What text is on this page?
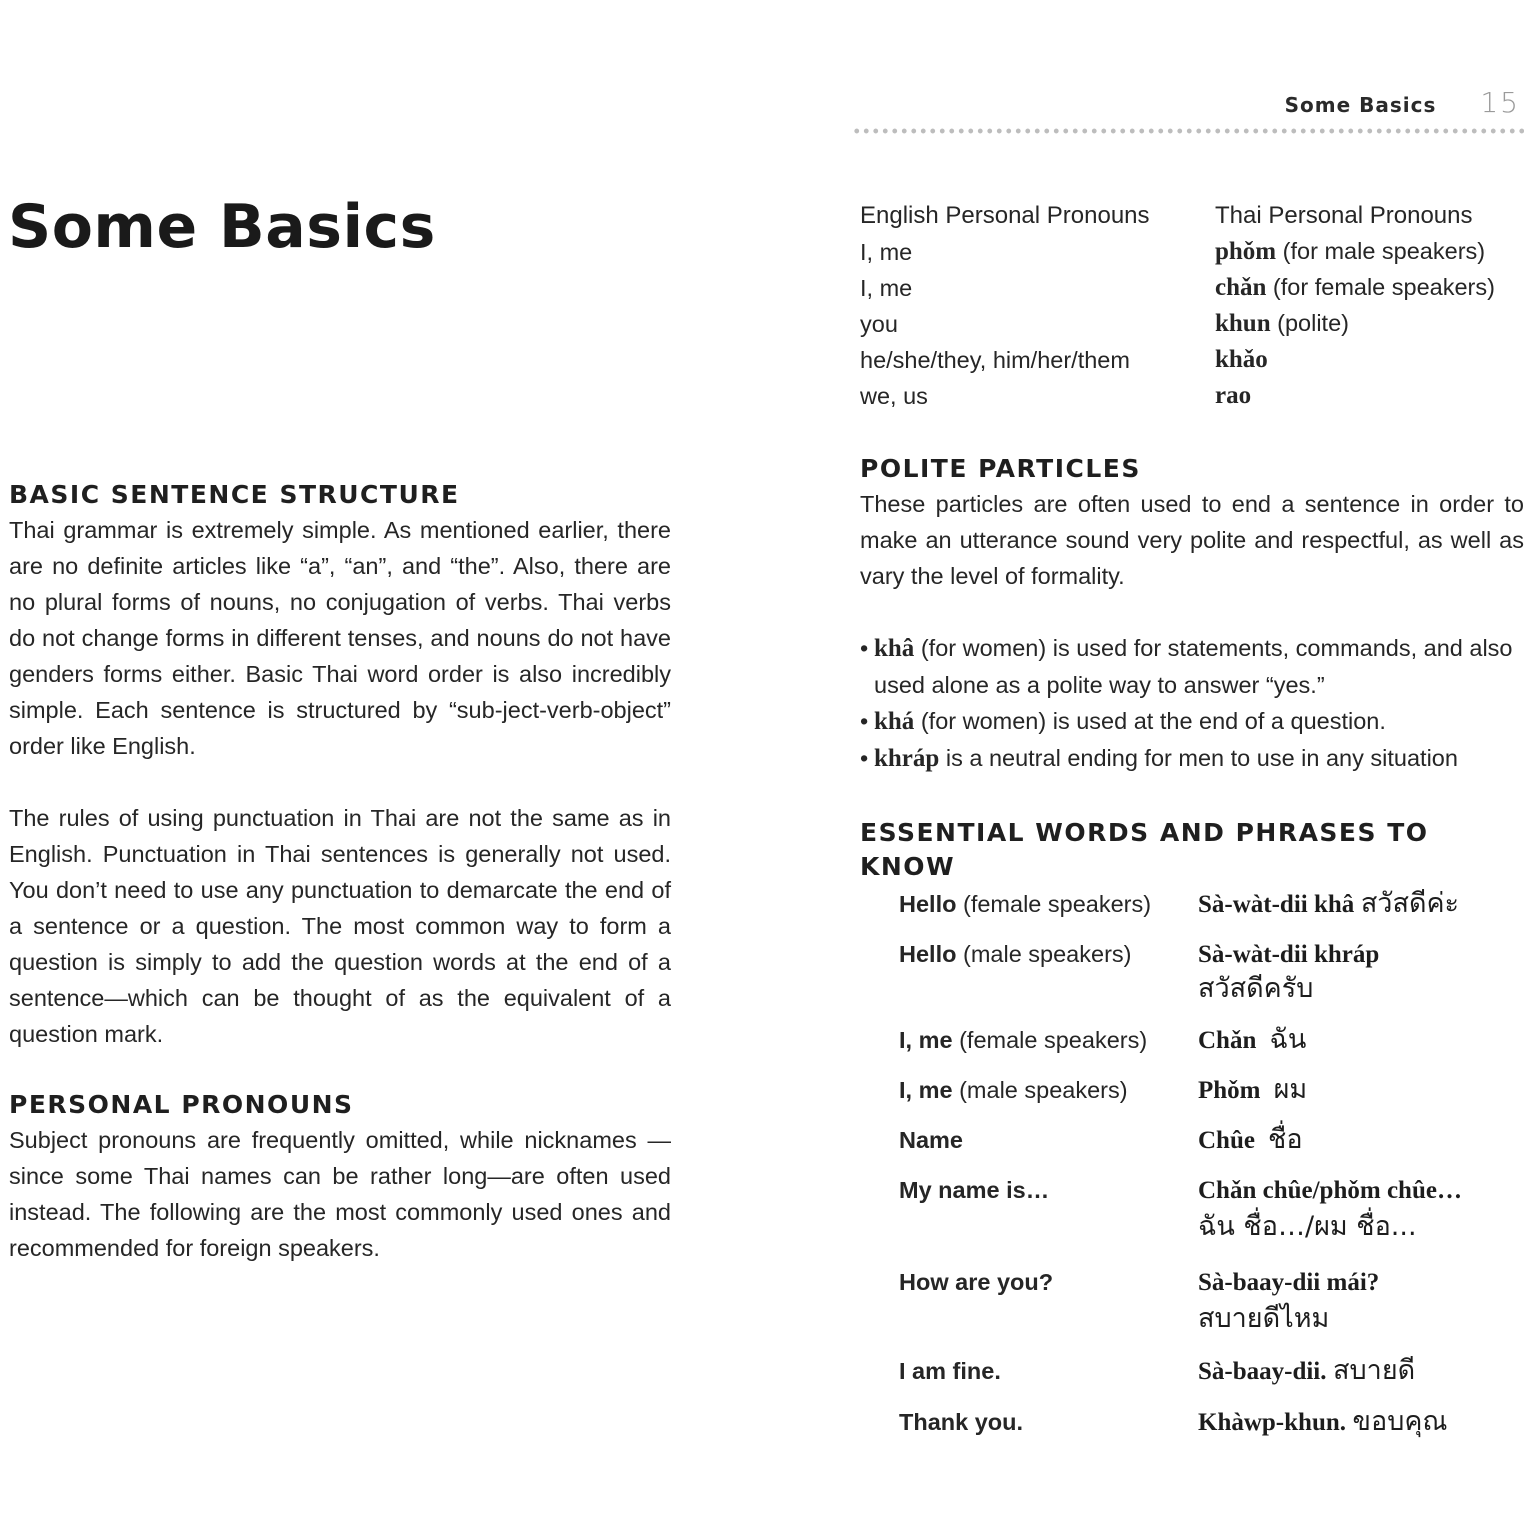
Some Basics 15
Some Basics
BASIC SENTENCE STRUCTURE

Thai grammar is extremely simple. As mentioned earlier, there are no definite articles like “a”, “an”, and “the”. Also, there are no plural forms of nouns, no conjugation of verbs. Thai verbs do not change forms in different tenses, and nouns do not have genders forms either. Basic Thai word order is also incredibly simple. Each sentence is structured by “sub-ject-verb-object” order like English.

The rules of using punctuation in Thai are not the same as in English. Punctuation in Thai sentences is generally not used. You don’t need to use any punctuation to demarcate the end of a sentence or a question. The most common way to form a question is simply to add the question words at the end of a sentence—which can be thought of as the equivalent of a question mark.

PERSONAL PRONOUNS

Subject pronouns are frequently omitted, while nicknames —since some Thai names can be rather long—are often used instead. The following are the most commonly used ones and recommended for foreign speakers.

English Personal Pronouns	Thai Personal Pronouns
I, me	phǒm (for male speakers)
I, me	chǎn (for female speakers)
you	khun (polite)
he/she/they, him/her/them	khǎo
we, us	rao
POLITE PARTICLES

These particles are often used to end a sentence in order to make an utterance sound very polite and respectful, as well as vary the level of formality.

• khâ (for women) is used for statements, commands, and also used alone as a polite way to answer “yes.”
• khá (for women) is used at the end of a question.
• khráp is a neutral ending for men to use in any situation
ESSENTIAL WORDS AND PHRASES TO KNOW
Hello (female speakers)	Sà-wàt-dii khâ สวัสดีค่ะ
Hello (male speakers)	Sà-wàt-dii khráp
สวัสดีครับ
I, me (female speakers)	Chǎn ฉัน
I, me (male speakers)	Phǒm ผม
Name	Chûe ชื่อ
My name is…	Chǎn chûe/phǒm chûe…
ฉัน ชื่อ…/ผม ชื่อ...
How are you?	Sà-baay-dii mái?
สบายดีไหม
I am fine.	Sà-baay-dii. สบายดี
Thank you.	Khàwp-khun. ขอบคุณ
